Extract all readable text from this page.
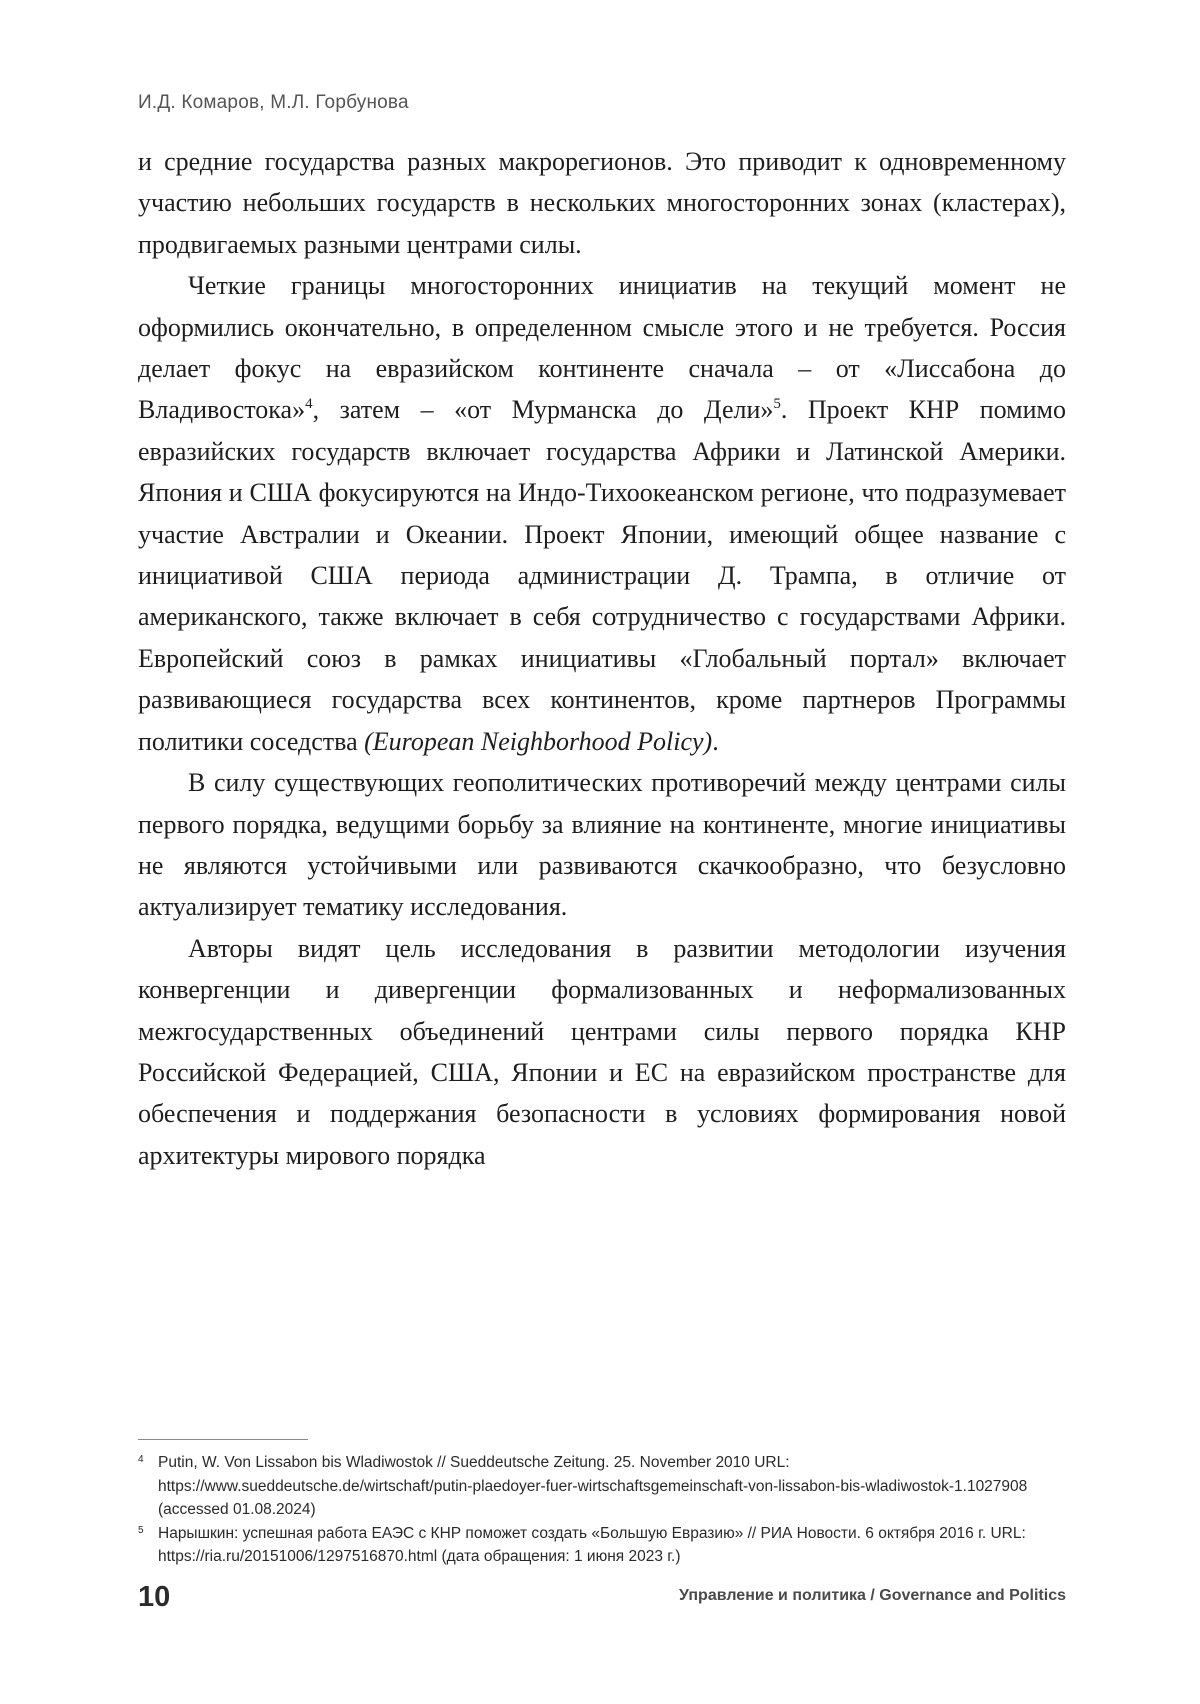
И.Д. Комаров, М.Л. Горбунова

и средние государства разных макрорегионов. Это приводит к одновременному участию небольших государств в нескольких многосторонних зонах (кластерах), продвигаемых разными центрами силы.

Четкие границы многосторонних инициатив на текущий момент не оформились окончательно, в определенном смысле этого и не требуется. Россия делает фокус на евразийском континенте сначала – от «Лиссабона до Владивостока»$^4$, затем – «от Мурманска до Дели»$^5$. Проект КНР помимо евразийских государств включает государства Африки и Латинской Америки. Япония и США фокусируются на Индо-Тихоокеанском регионе, что подразумевает участие Австралии и Океании. Проект Японии, имеющий общее название с инициативой США периода администрации Д. Трампа, в отличие от американского, также включает в себя сотрудничество с государствами Африки. Европейский союз в рамках инициативы «Глобальный портал» включает развивающиеся государства всех континентов, кроме партнеров Программы политики соседства (European Neighborhood Policy).

В силу существующих геополитических противоречий между центрами силы первого порядка, ведущими борьбу за влияние на континенте, многие инициативы не являются устойчивыми или развиваются скачкообразно, что безусловно актуализирует тематику исследования.

Авторы видят цель исследования в развитии методологии изучения конвергенции и дивергенции формализованных и неформализованных межгосударственных объединений центрами силы первого порядка КНР Российской Федерацией, США, Японии и ЕС на евразийском пространстве для обеспечения и поддержания безопасности в условиях формирования новой архитектуры мирового порядка

4 Putin, W. Von Lissabon bis Wladiwostok // Sueddeutsche Zeitung. 25. November 2010 URL: https://www.sueddeutsche.de/wirtschaft/putin-plaedoyer-fuer-wirtschaftsgemeinschaft-von-lissabon-bis-wladiwostok-1.1027908 (accessed 01.08.2024)

5 Нарышкин: успешная работа ЕАЭС с КНР поможет создать «Большую Евразию» // РИА Новости. 6 октября 2016 г. URL: https://ria.ru/20151006/1297516870.html (дата обращения: 1 июня 2023 г.)

10	Управление и политика / Governance and Politics
